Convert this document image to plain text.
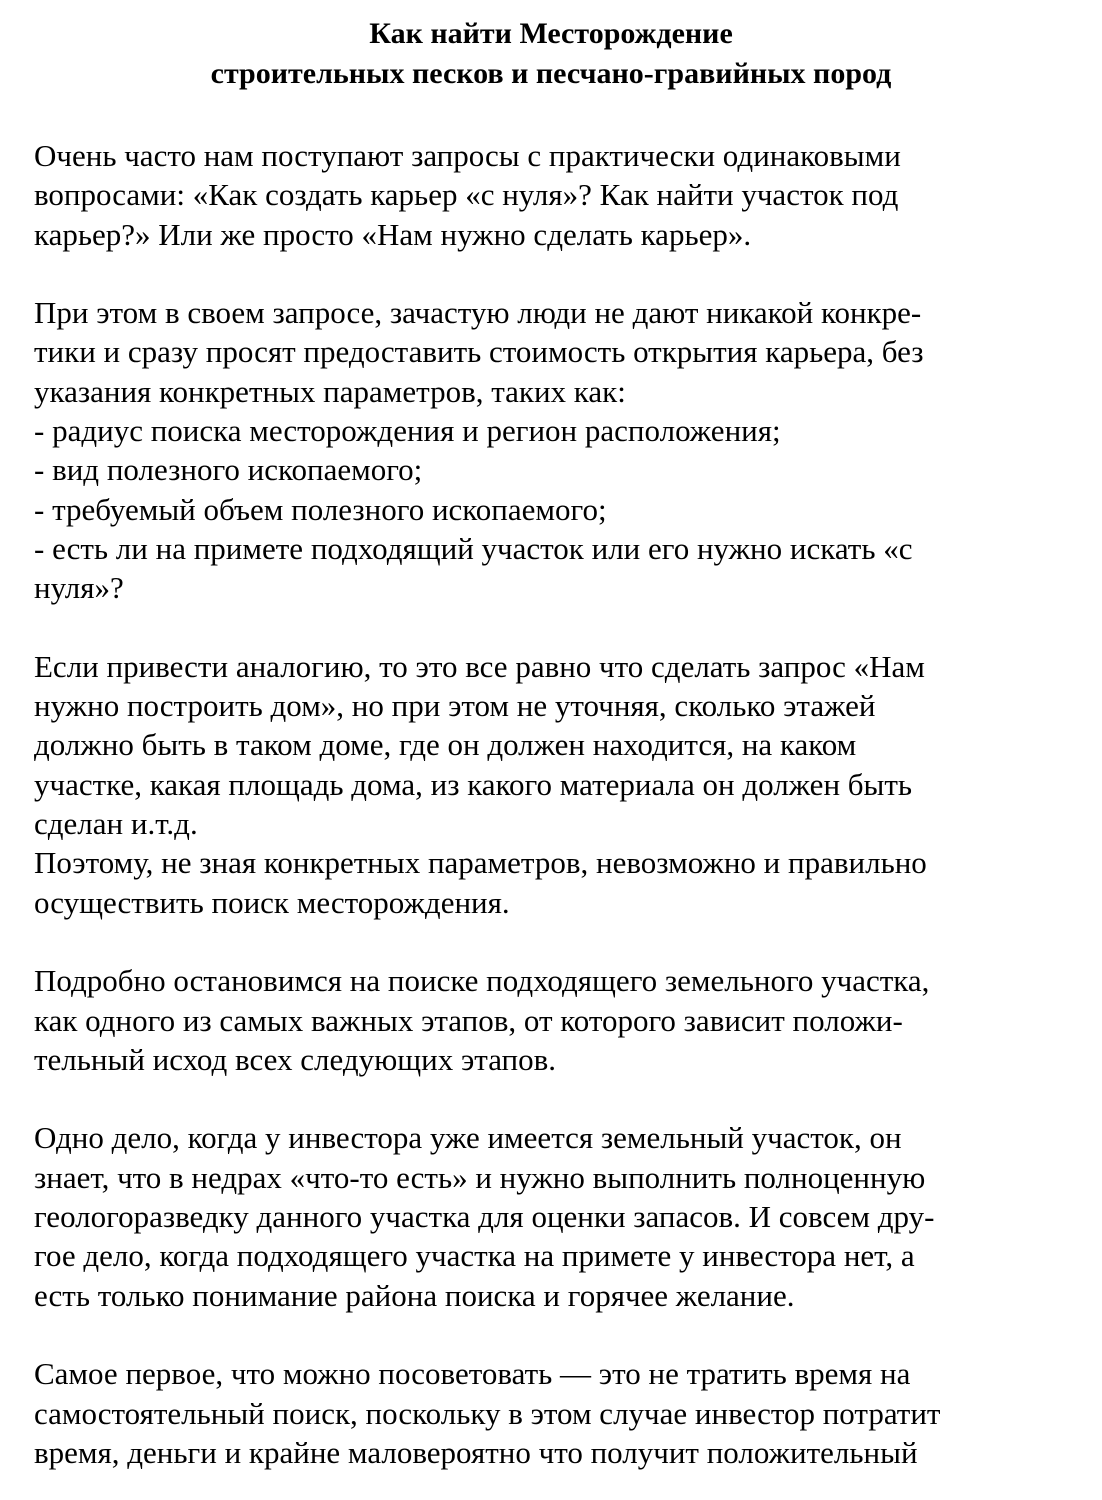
Как найти Месторождение
строительных песков и песчано-гравийных пород
Очень часто нам поступают запросы с практически одинаковыми
вопросами: «Как создать карьер «с нуля»? Как найти участок под
карьер?» Или же просто «Нам нужно сделать карьер».
При этом в своем запросе, зачастую люди не дают никакой конкре-
тики и сразу просят предоставить стоимость открытия карьера, без
указания конкретных параметров, таких как:
- радиус поиска месторождения и регион расположения;
- вид полезного ископаемого;
- требуемый объем полезного ископаемого;
- есть ли на примете подходящий участок или его нужно искать «с
нуля»?
Если привести аналогию, то это все равно что сделать запрос «Нам
нужно построить дом», но при этом не уточняя, сколько этажей
должно быть в таком доме, где он должен находится, на каком
участке, какая площадь дома, из какого материала он должен быть
сделан и.т.д.
Поэтому, не зная конкретных параметров, невозможно и правильно
осуществить поиск месторождения.
Подробно остановимся на поиске подходящего земельного участка,
как одного из самых важных этапов, от которого зависит положи-
тельный исход всех следующих этапов.
Одно дело, когда у инвестора уже имеется земельный участок, он
знает, что в недрах «что-то есть» и нужно выполнить полноценную
геологоразведку данного участка для оценки запасов. И совсем дру-
гое дело, когда подходящего участка на примете у инвестора нет, а
есть только понимание района поиска и горячее желание.
Самое первое, что можно посоветовать — это не тратить время на
самостоятельный поиск, поскольку в этом случае инвестор потратит
время, деньги и крайне маловероятно что получит положительный
